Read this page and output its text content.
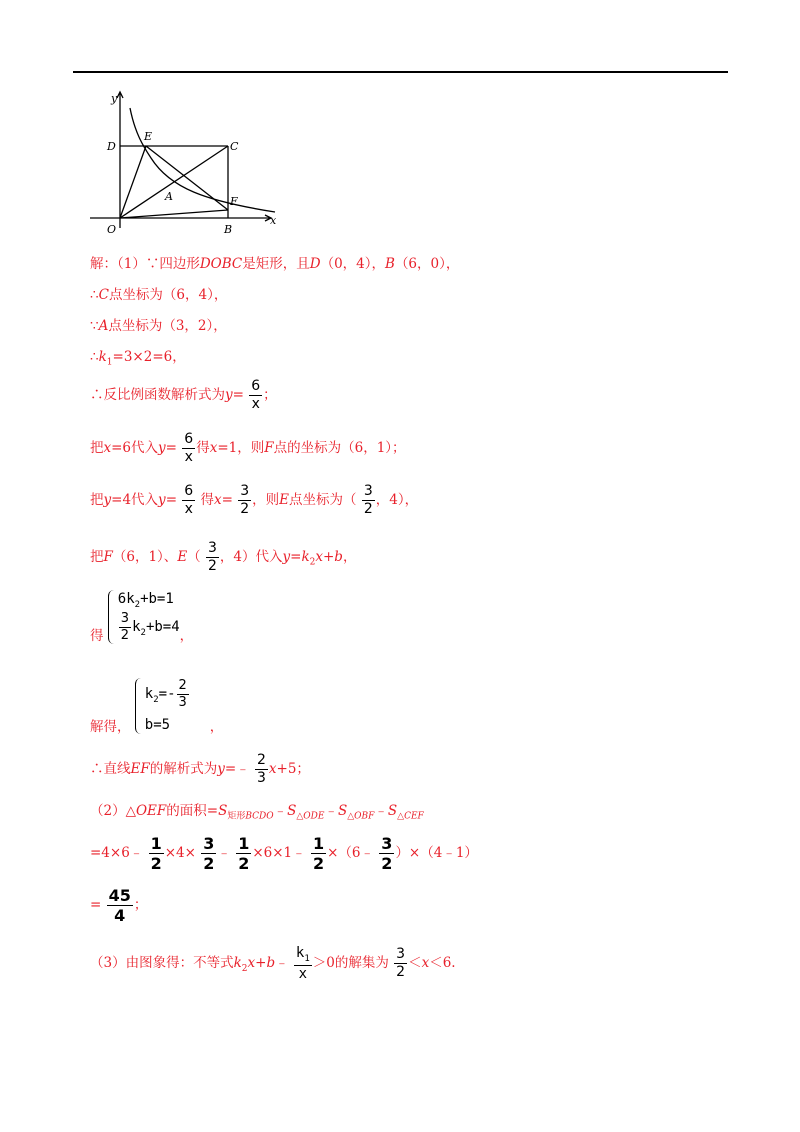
y
x
O
D
E
C
A	F
B
解：（1）∵四边形DOBC是矩形，且D（0，4），B（6，0），
∴C点坐标为（6，4），
∵A点坐标为（3，2），
$\therefore k_1=3\times 2=6$，
∴反比例函数解析式为$y= \frac{6}{x}$ ；
把x=6代入$y= \frac{6}{x}$ 得x=1，则F点的坐标为（6，1）；
把y=4代入$y= \frac{6}{x}$ 得$x= \frac{3}{2}$ ，则E点坐标为（ $\frac{3}{2}$ ，4），
把F（6，1）、$E( \frac{3}{2}$ ，4）代入$y=k_2x+b$，
得
$6k_2+b=1$
$\frac{3}{2} k_2+b=4$
，
解得，
$k_2=- \frac{2}{3}$
b=5	，
∴直线EF的解析式为y=﹣ $\frac{2}{3} x+5$；
（2）△OEF的面积$=S_{矩形BCDO}﹣S_{\triangle ODE}﹣S_{\triangle OBF}﹣S_{\triangle CEF}$
=4×6﹣ $\frac{1}{2} \times 4\times \frac{3}{2}$ ﹣ $\frac{1}{2}$ ×6×1﹣ $\frac{1}{2}$ ×（6﹣ $\frac{3}{2}$ ）×（4﹣1）
= $\frac{45}{4}$ ；
（3）由图象得：不等式$k_2x+b﹣ \frac{k_1}{x} >0$的解集为 $\frac{3}{2} <x<6$.
